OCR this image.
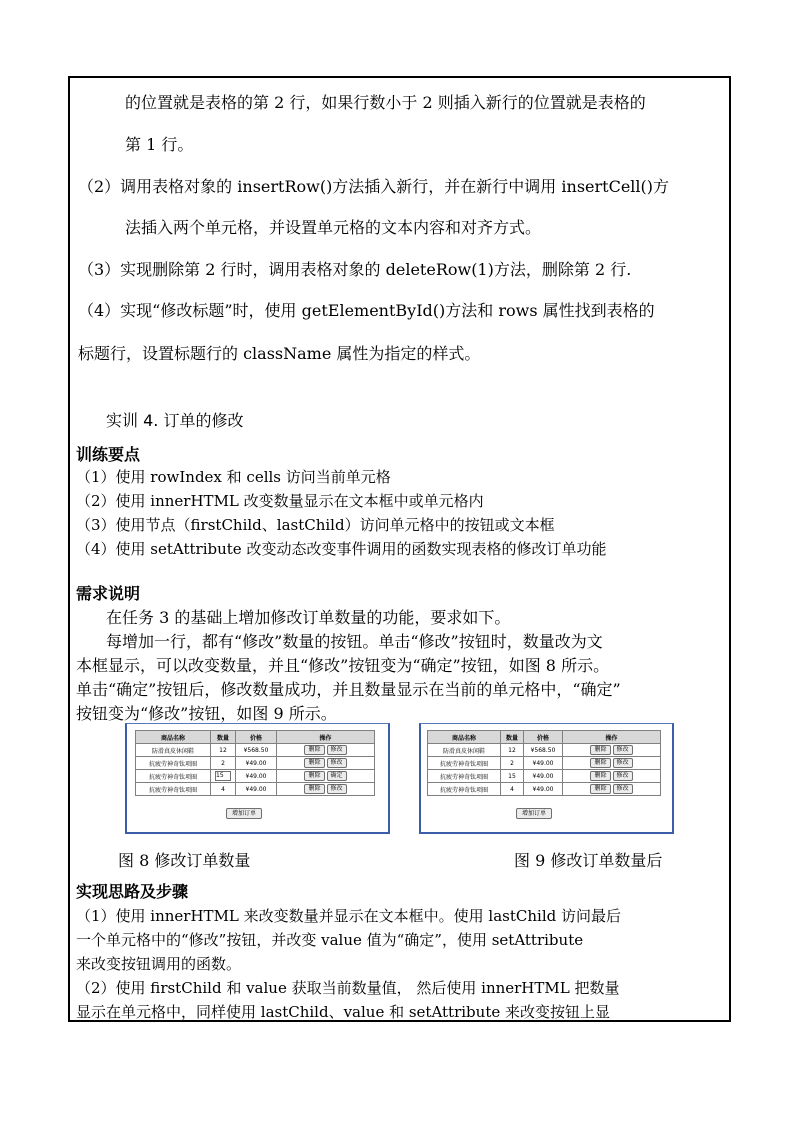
的位置就是表格的第 2 行，如果行数小于 2 则插入新行的位置就是表格的
第 1 行。
（2）调用表格对象的 insertRow()方法插入新行，并在新行中调用 insertCell()方
法插入两个单元格，并设置单元格的文本内容和对齐方式。
（3）实现删除第 2 行时，调用表格对象的 deleteRow(1)方法，删除第 2 行.
（4）实现“修改标题”时，使用 getElementById()方法和 rows 属性找到表格的
标题行，设置标题行的 className 属性为指定的样式。
实训 4. 订单的修改
训练要点
（1）使用 rowIndex 和 cells 访问当前单元格
（2）使用 innerHTML 改变数量显示在文本框中或单元格内
（3）使用节点（firstChild、lastChild）访问单元格中的按钮或文本框
（4）使用 setAttribute 改变动态改变事件调用的函数实现表格的修改订单功能
需求说明
在任务 3 的基础上增加修改订单数量的功能，要求如下。
每增加一行，都有“修改”数量的按钮。单击“修改”按钮时，数量改为文
本框显示，可以改变数量，并且“修改”按钮变为“确定”按钮，如图 8 所示。
单击“确定”按钮后，修改数量成功，并且数量显示在当前的单元格中，“确定”
按钮变为“修改”按钮，如图 9 所示。
商品名称	数量	价格	操作
防滑真皮休闲鞋	12	¥568.50	删除 修改
抗疲劳神奇钛项圈	2	¥49.00	删除 修改
抗疲劳神奇钛项圈	15	¥49.00	删除 确定
抗疲劳神奇钛项圈	4	¥49.00	删除 修改
增加订单
商品名称	数量	价格	操作
防滑真皮休闲鞋	12	¥568.50	删除 修改
抗疲劳神奇钛项圈	2	¥49.00	删除 修改
抗疲劳神奇钛项圈	15	¥49.00	删除 修改
抗疲劳神奇钛项圈	4	¥49.00	删除 修改
增加订单
图 8 修改订单数量	图 9 修改订单数量后
实现思路及步骤
（1）使用 innerHTML 来改变数量并显示在文本框中。使用 lastChild 访问最后
一个单元格中的“修改”按钮，并改变 value 值为“确定”，使用 setAttribute
来改变按钮调用的函数。
（2）使用 firstChild 和 value 获取当前数量值， 然后使用 innerHTML 把数量
显示在单元格中，同样使用 lastChild、value 和 setAttribute 来改变按钮上显
